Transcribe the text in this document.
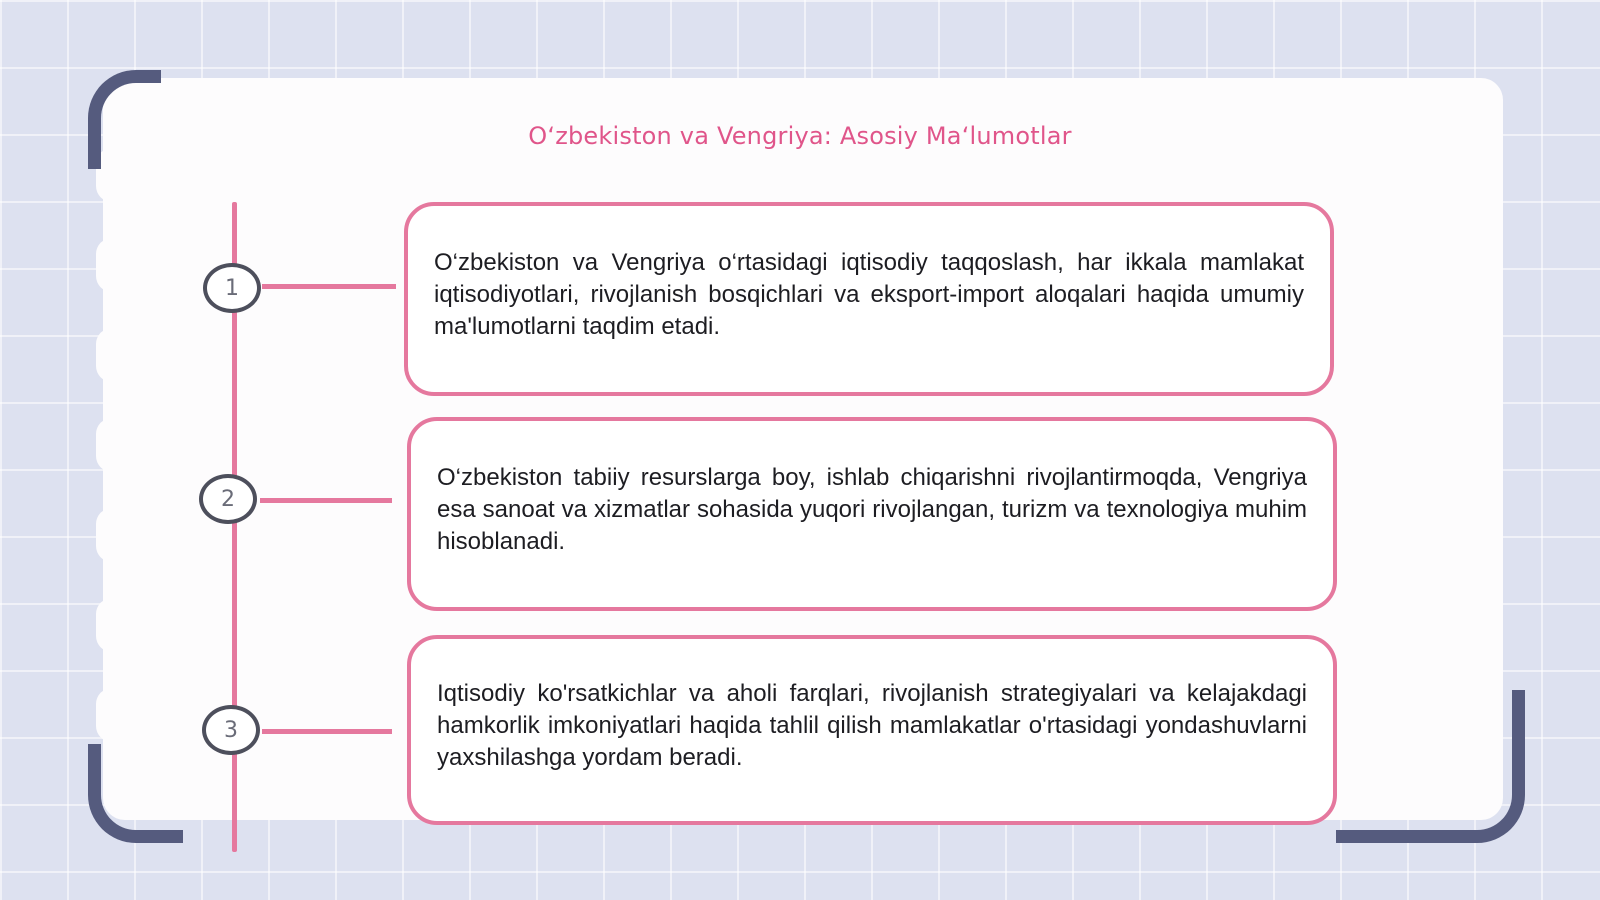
O‘zbekiston va Vengriya: Asosiy Ma‘lumotlar
1

O‘zbekiston va Vengriya o‘rtasidagi iqtisodiy taqqoslash, har ikkala mamlakat iqtisodiyotlari, rivojlanish bosqichlari va eksport-import aloqalari haqida umumiy ma'lumotlarni taqdim etadi.

2

O‘zbekiston tabiiy resurslarga boy, ishlab chiqarishni rivojlantirmoqda, Vengriya esa sanoat va xizmatlar sohasida yuqori rivojlangan, turizm va texnologiya muhim hisoblanadi.

3

Iqtisodiy ko'rsatkichlar va aholi farqlari, rivojlanish strategiyalari va kelajakdagi hamkorlik imkoniyatlari haqida tahlil qilish mamlakatlar o'rtasidagi yondashuvlarni yaxshilashga yordam beradi.
